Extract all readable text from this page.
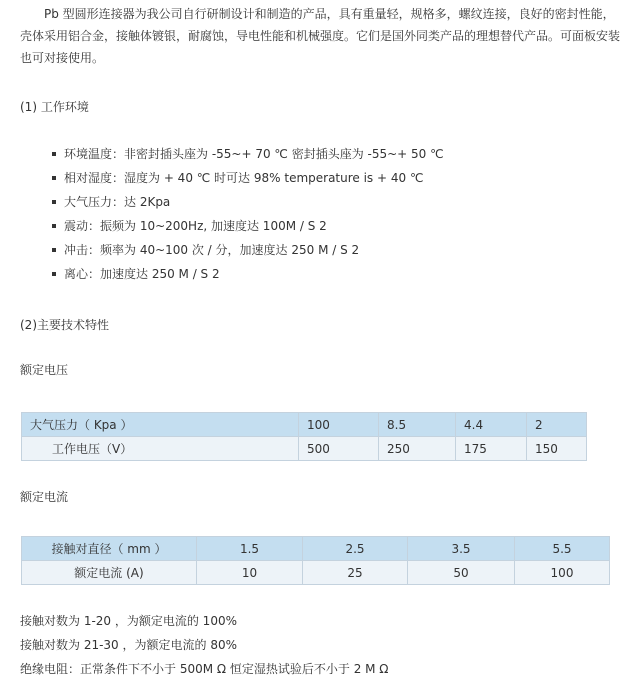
Pb 型圆形连接器为我公司自行研制设计和制造的产品，具有重量轻，规格多，螺纹连接，良好的密封性能，壳体采用铝合金，接触体镀银，耐腐蚀，导电性能和机械强度。它们是国外同类产品的理想替代产品。可面板安装也可对接使用。

(1) 工作环境

环境温度：非密封插头座为 -55~+ 70 ℃ 密封插头座为 -55~+ 50 ℃
相对湿度：湿度为 + 40 ℃ 时可达 98% temperature is + 40 ℃
大气压力：达 2Kpa
震动：振频为 10~200Hz, 加速度达 100M / S 2
冲击：频率为 40~100 次 / 分，加速度达 250 M / S 2
离心：加速度达 250 M / S 2

(2)主要技术特性

额定电压

大气压力（ Kpa ）	100	8.5	4.4	2
工作电压（V）	500	250	175	150

额定电流

接触对直径（ mm ）	1.5	2.5	3.5	5.5
额定电流 (A)	10	25	50	100

接触对数为 1-20 ，为额定电流的 100%

接触对数为 21-30 ，为额定电流的 80%

绝缘电阻：正常条件下不小于 500M Ω 恒定湿热试验后不小于 2 M Ω
